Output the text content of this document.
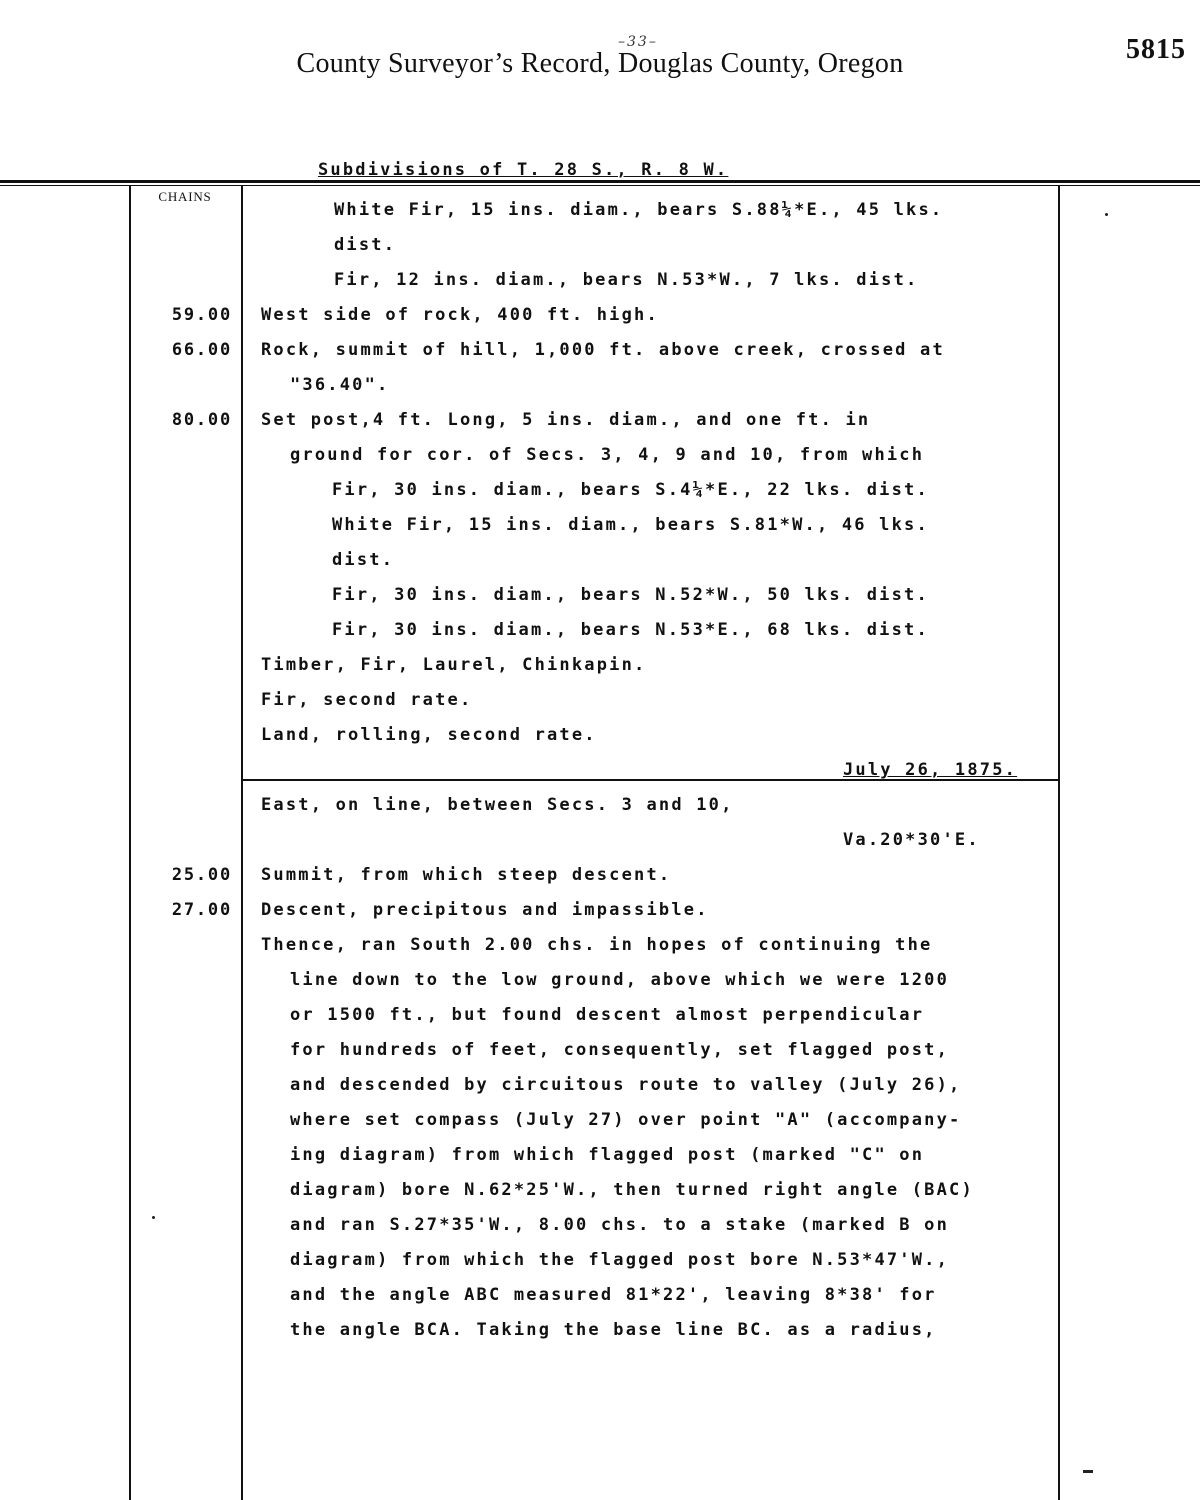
–33–
County Surveyor’s Record, Douglas County, Oregon	5815
Subdivisions of T. 28 S., R. 8 W.
CHAINS
White Fir, 15 ins. diam., bears S.88¼*E., 45 lks.
dist.
Fir, 12 ins. diam., bears N.53*W., 7 lks. dist.
59.00 West side of rock, 400 ft. high.
66.00 Rock, summit of hill, 1,000 ft. above creek, crossed at
"36.40".
80.00 Set post,4 ft. Long, 5 ins. diam., and one ft. in
ground for cor. of Secs. 3, 4, 9 and 10, from which
Fir, 30 ins. diam., bears S.4¼*E., 22 lks. dist.
White Fir, 15 ins. diam., bears S.81*W., 46 lks.
dist.
Fir, 30 ins. diam., bears N.52*W., 50 lks. dist.
Fir, 30 ins. diam., bears N.53*E., 68 lks. dist.
Timber, Fir, Laurel, Chinkapin.
Fir, second rate.
Land, rolling, second rate.
July 26, 1875.
East, on line, between Secs. 3 and 10,
Va.20*30'E.
25.00 Summit, from which steep descent.
27.00 Descent, precipitous and impassible.
Thence, ran South 2.00 chs. in hopes of continuing the
line down to the low ground, above which we were 1200
or 1500 ft., but found descent almost perpendicular
for hundreds of feet, consequently, set flagged post,
and descended by circuitous route to valley (July 26),
where set compass (July 27) over point "A" (accompany-
ing diagram) from which flagged post (marked "C" on
diagram) bore N.62*25'W., then turned right angle (BAC)
and ran S.27*35'W., 8.00 chs. to a stake (marked B on
diagram) from which the flagged post bore N.53*47'W.,
and the angle ABC measured 81*22', leaving 8*38' for
the angle BCA. Taking the base line BC. as a radius,
